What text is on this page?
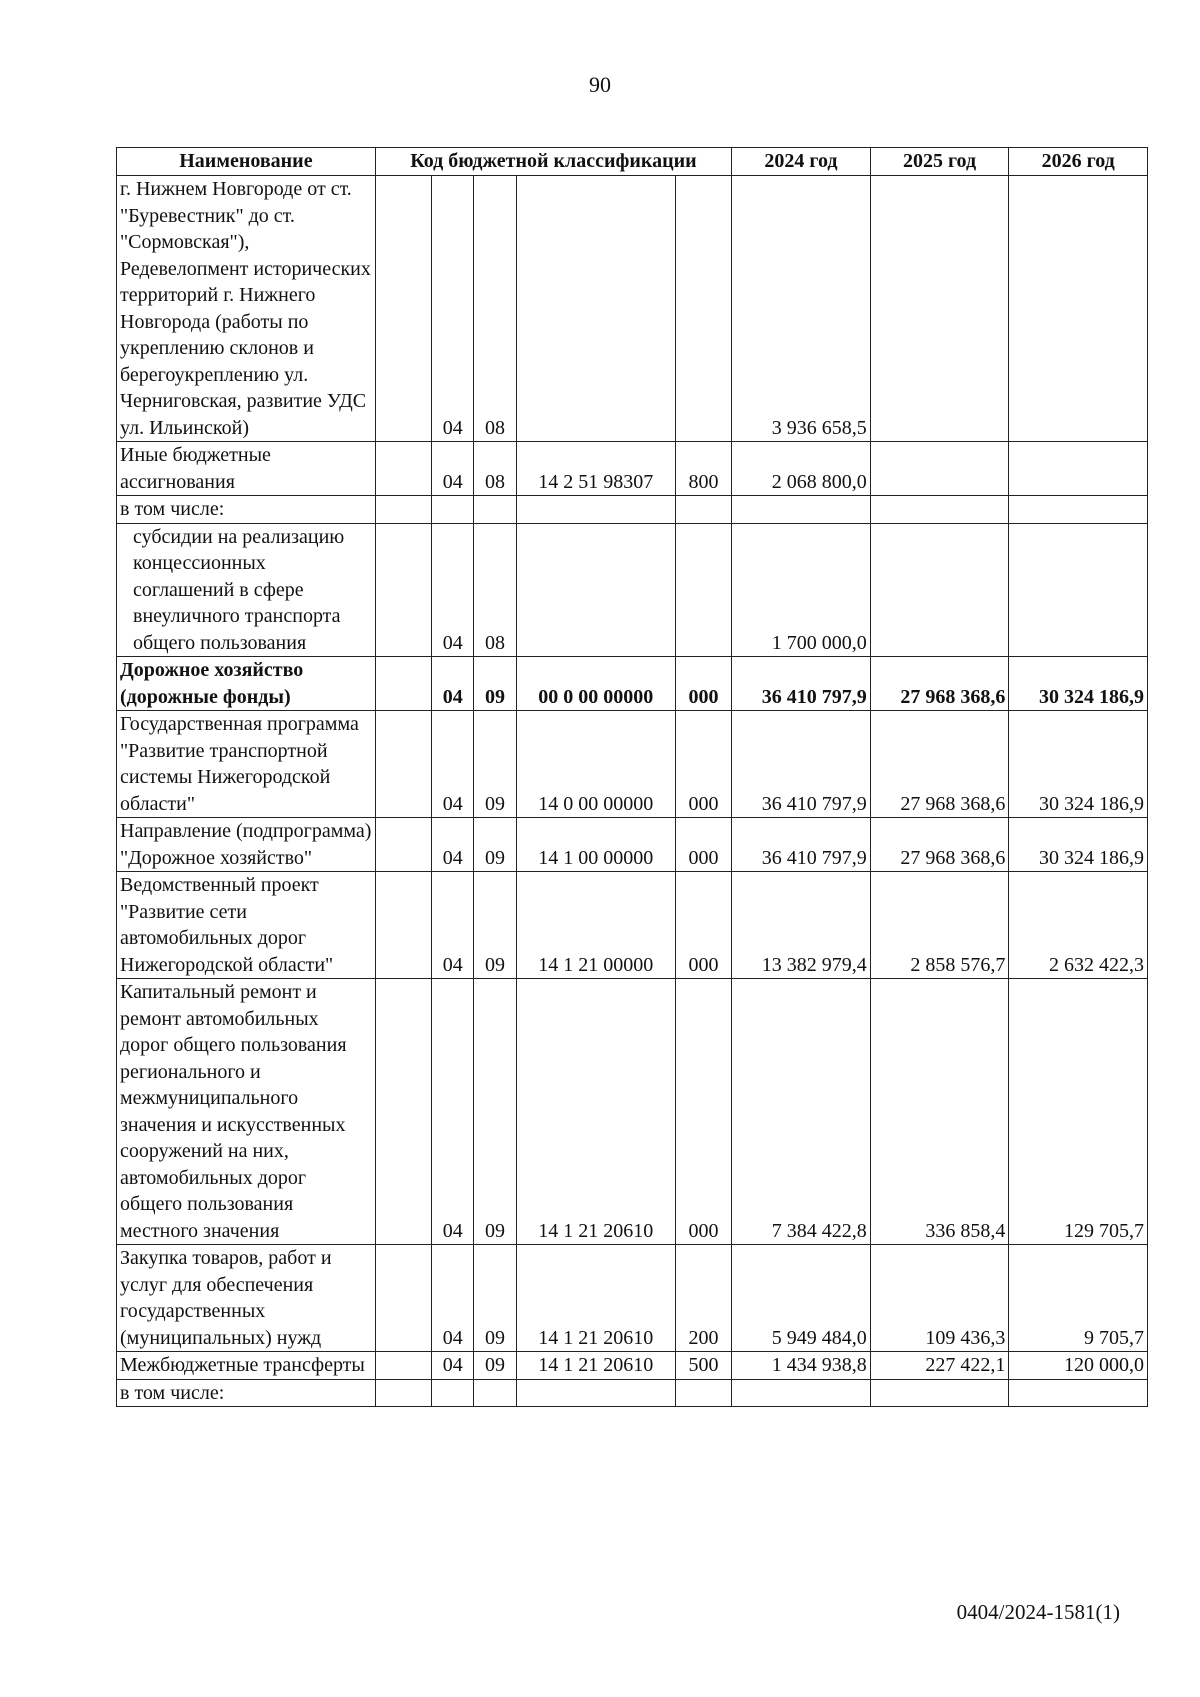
90
Наименование	Код бюджетной классификации					2024 год	2025 год	2026 год
г. Нижнем Новгороде от ст. "Буревестник" до ст. "Сормовская"), Редевелопмент исторических территорий г. Нижнего Новгорода (работы по укреплению склонов и берегоукреплению ул. Черниговская, развитие УДС ул. Ильинской)		04	08			3 936 658,5		
Иные бюджетные ассигнования		04	08	14 2 51 98307	800	2 068 800,0		
в том числе:								
субсидии на реализацию концессионных соглашений в сфере внеуличного транспорта общего пользования		04	08			1 700 000,0		
Дорожное хозяйство (дорожные фонды)		04	09	00 0 00 00000	000	36 410 797,9	27 968 368,6	30 324 186,9
Государственная программа "Развитие транспортной системы Нижегородской области"		04	09	14 0 00 00000	000	36 410 797,9	27 968 368,6	30 324 186,9
Направление (подпрограмма) "Дорожное хозяйство"		04	09	14 1 00 00000	000	36 410 797,9	27 968 368,6	30 324 186,9
Ведомственный проект "Развитие сети автомобильных дорог Нижегородской области"		04	09	14 1 21 00000	000	13 382 979,4	2 858 576,7	2 632 422,3
Капитальный ремонт и ремонт автомобильных дорог общего пользования регионального и межмуниципального значения и искусственных сооружений на них, автомобильных дорог общего пользования местного значения		04	09	14 1 21 20610	000	7 384 422,8	336 858,4	129 705,7
Закупка товаров, работ и услуг для обеспечения государственных (муниципальных) нужд		04	09	14 1 21 20610	200	5 949 484,0	109 436,3	9 705,7
Межбюджетные трансферты		04	09	14 1 21 20610	500	1 434 938,8	227 422,1	120 000,0
в том числе:								
0404/2024-1581(1)
